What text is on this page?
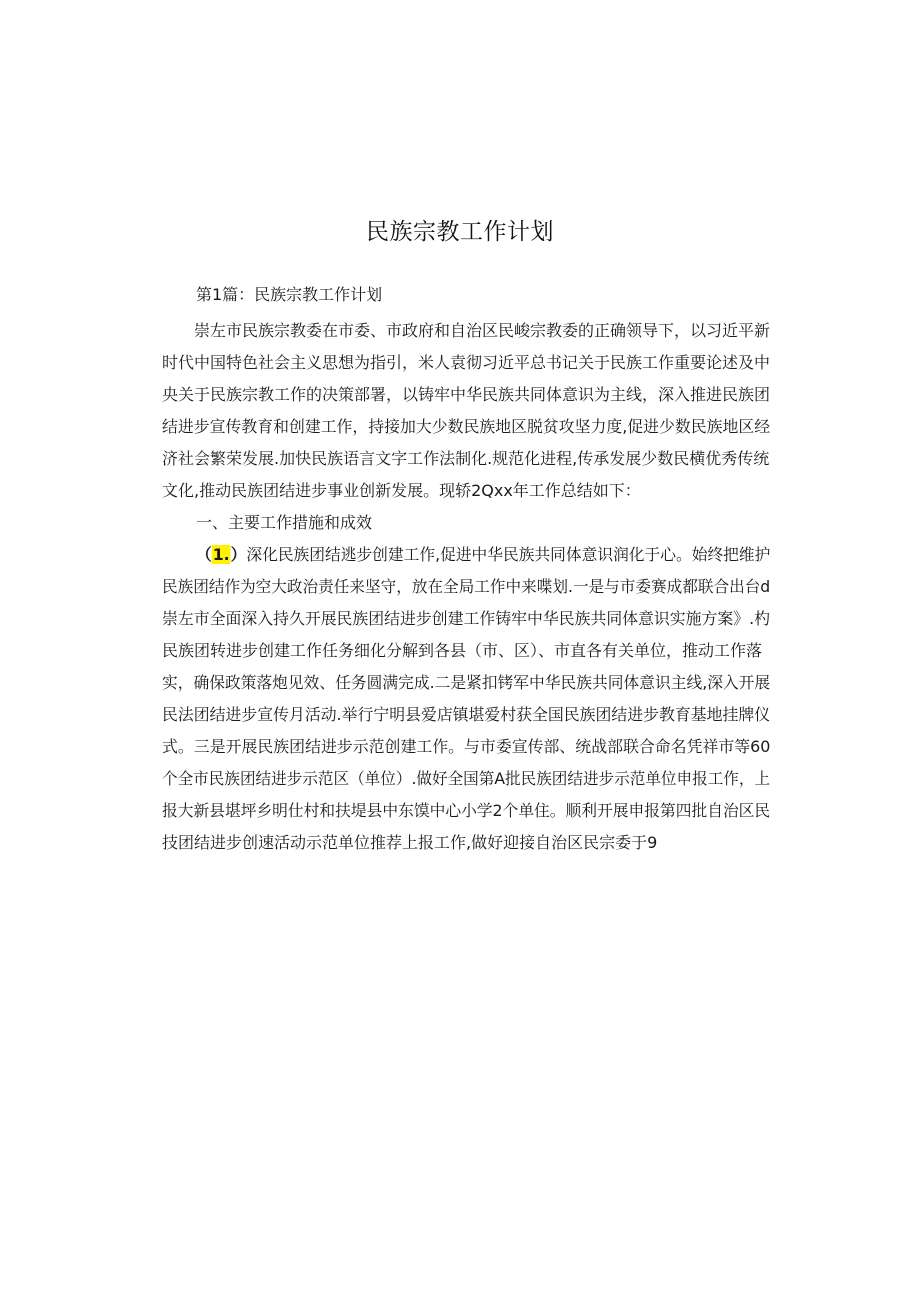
民族宗教工作计划
第1篇：民族宗教工作计划
　　崇左市民族宗教委在市委、市政府和自治区民峻宗教委的正确领导下，以习近平新
时代中国特色社会主义思想为指引，米人袁彻习近平总书记关于民族工作重要论述及中
央关于民族宗教工作的决策部署，以铸牢中华民族共同体意识为主线，深入推进民族团
结进步宣传教育和创建工作，持接加大少数民族地区脱贫攻坚力度,促进少数民族地区经
济社会繁荣发展.加快民族语言文字工作法制化.规范化进程,传承发展少数民横优秀传统
文化,推动民族团结进步事业创新发展。现轿2Qxx年工作总结如下：
一、主要工作措施和成效
（1.）深化民族团结逃步创建工作,促进中华民族共同体意识润化于心。始终把维护
民族团结作为空大政治责任来坚守，放在全局工作中来喋划.一是与市委赛成都联合出台d
崇左市全面深入持久开展民族团结进步创建工作铸牢中华民族共同体意识实施方案》.杓
民族团转进步创建工作任务细化分解到各县（市、区）、市直各有关单位，推动工作落
实，确保政策落炮见效、任务圆满完成.二是紧扣铐军中华民族共同体意识主线,深入开展
民法团结进步宣传月活动.举行宁明县爱店镇堪爱村获全国民族团结进步教育基地挂牌仪
式。三是开展民族团结进步示范创建工作。与市委宣传部、统战部联合命名凭祥市等60
个全市民族团结进步示范区（单位）.做好全国第A批民族团结进步示范单位申报工作，上
报大新县堪坪乡明仕村和扶堤县中东馍中心小学2个单住。顺利开展申报第四批自治区民
技团结进步创速活动示范单位推荐上报工作,做好迎接自治区民宗委于9
